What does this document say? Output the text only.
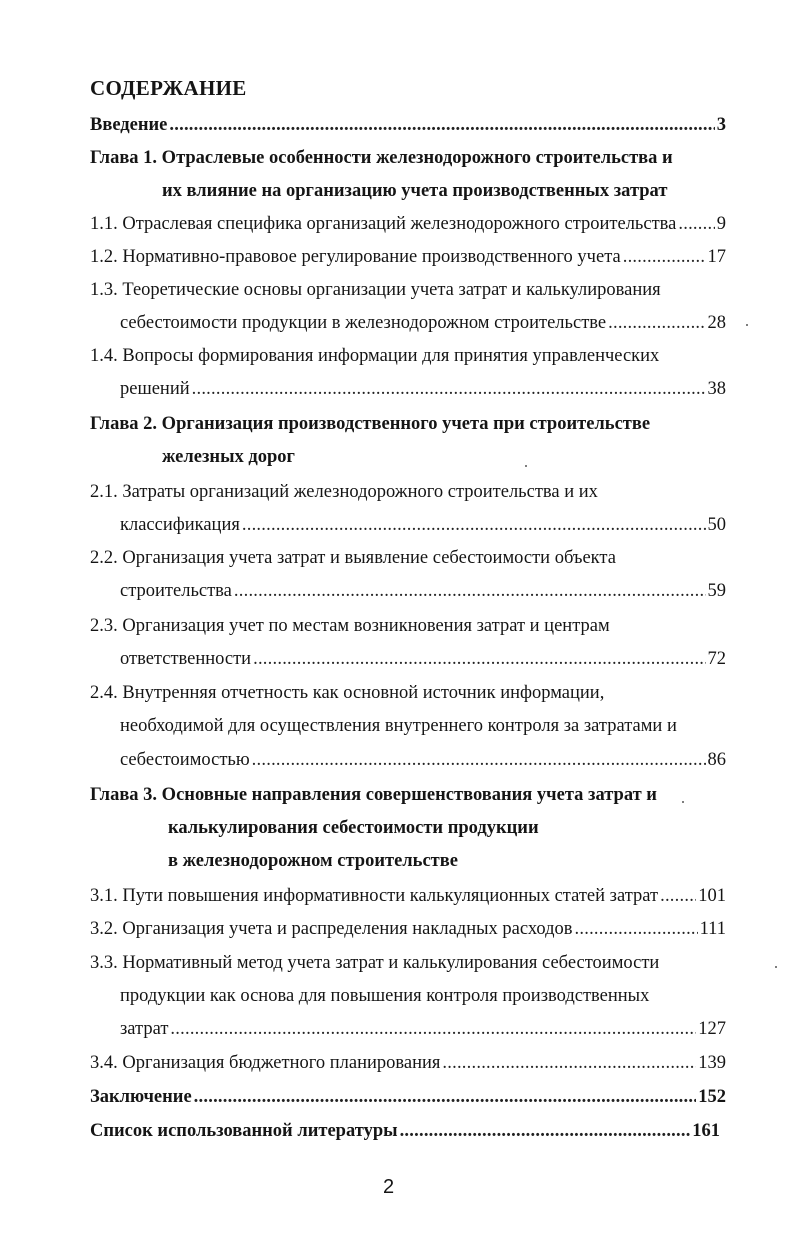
СОДЕРЖАНИЕ
Введение . . .	3
Глава 1. Отраслевые особенности железнодорожного строительства и
их влияние на организацию учета производственных затрат
1.1. Отраслевая специфика организаций железнодорожного строительства . . . 9
1.2. Нормативно-правовое регулирование производственного учета . . .	17
1.3. Теоретические основы организации учета затрат и калькулирования
себестоимости продукции в железнодорожном строительстве . . .	28
1.4. Вопросы формирования информации для принятия управленческих
решений . . .	38
Глава 2. Организация производственного учета при строительстве
железных дорог
2.1. Затраты организаций железнодорожного строительства и их
классификация . . .	50
2.2. Организация учета затрат и выявление себестоимости объекта
строительства . . .	59
2.3. Организация учет по местам возникновения затрат и центрам
ответственности . . .	72
2.4. Внутренняя отчетность как основной источник информации,
необходимой для осуществления внутреннего контроля за затратами и
себестоимостью . . .	86
Глава 3. Основные направления совершенствования учета затрат и
калькулирования себестоимости продукции
в железнодорожном строительстве
3.1. Пути повышения информативности калькуляционных статей затрат . . . 101
3.2. Организация учета и распределения накладных расходов . . .	111
3.3. Нормативный метод учета затрат и калькулирования себестоимости
продукции как основа для повышения контроля производственных
затрат . . .	127
3.4. Организация бюджетного планирования . . .	139
Заключение . . .	152
Список использованной литературы . . .	161
2
